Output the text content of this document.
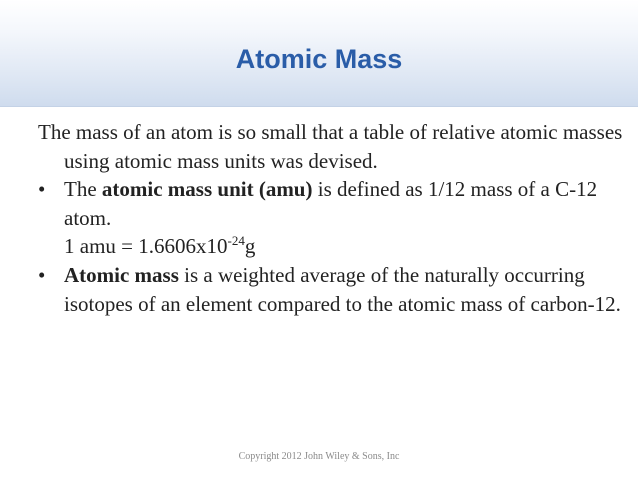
Atomic Mass

The mass of an atom is so small that a table of relative atomic masses using atomic mass units was devised.

• The atomic mass unit (amu) is defined as 1/12 mass of a C-12 atom.

1 amu = $1.6606x10^{-24}g$

• Atomic mass is a weighted average of the naturally occurring isotopes of an element compared to the atomic mass of carbon-12.
Copyright 2012 John Wiley & Sons, Inc
